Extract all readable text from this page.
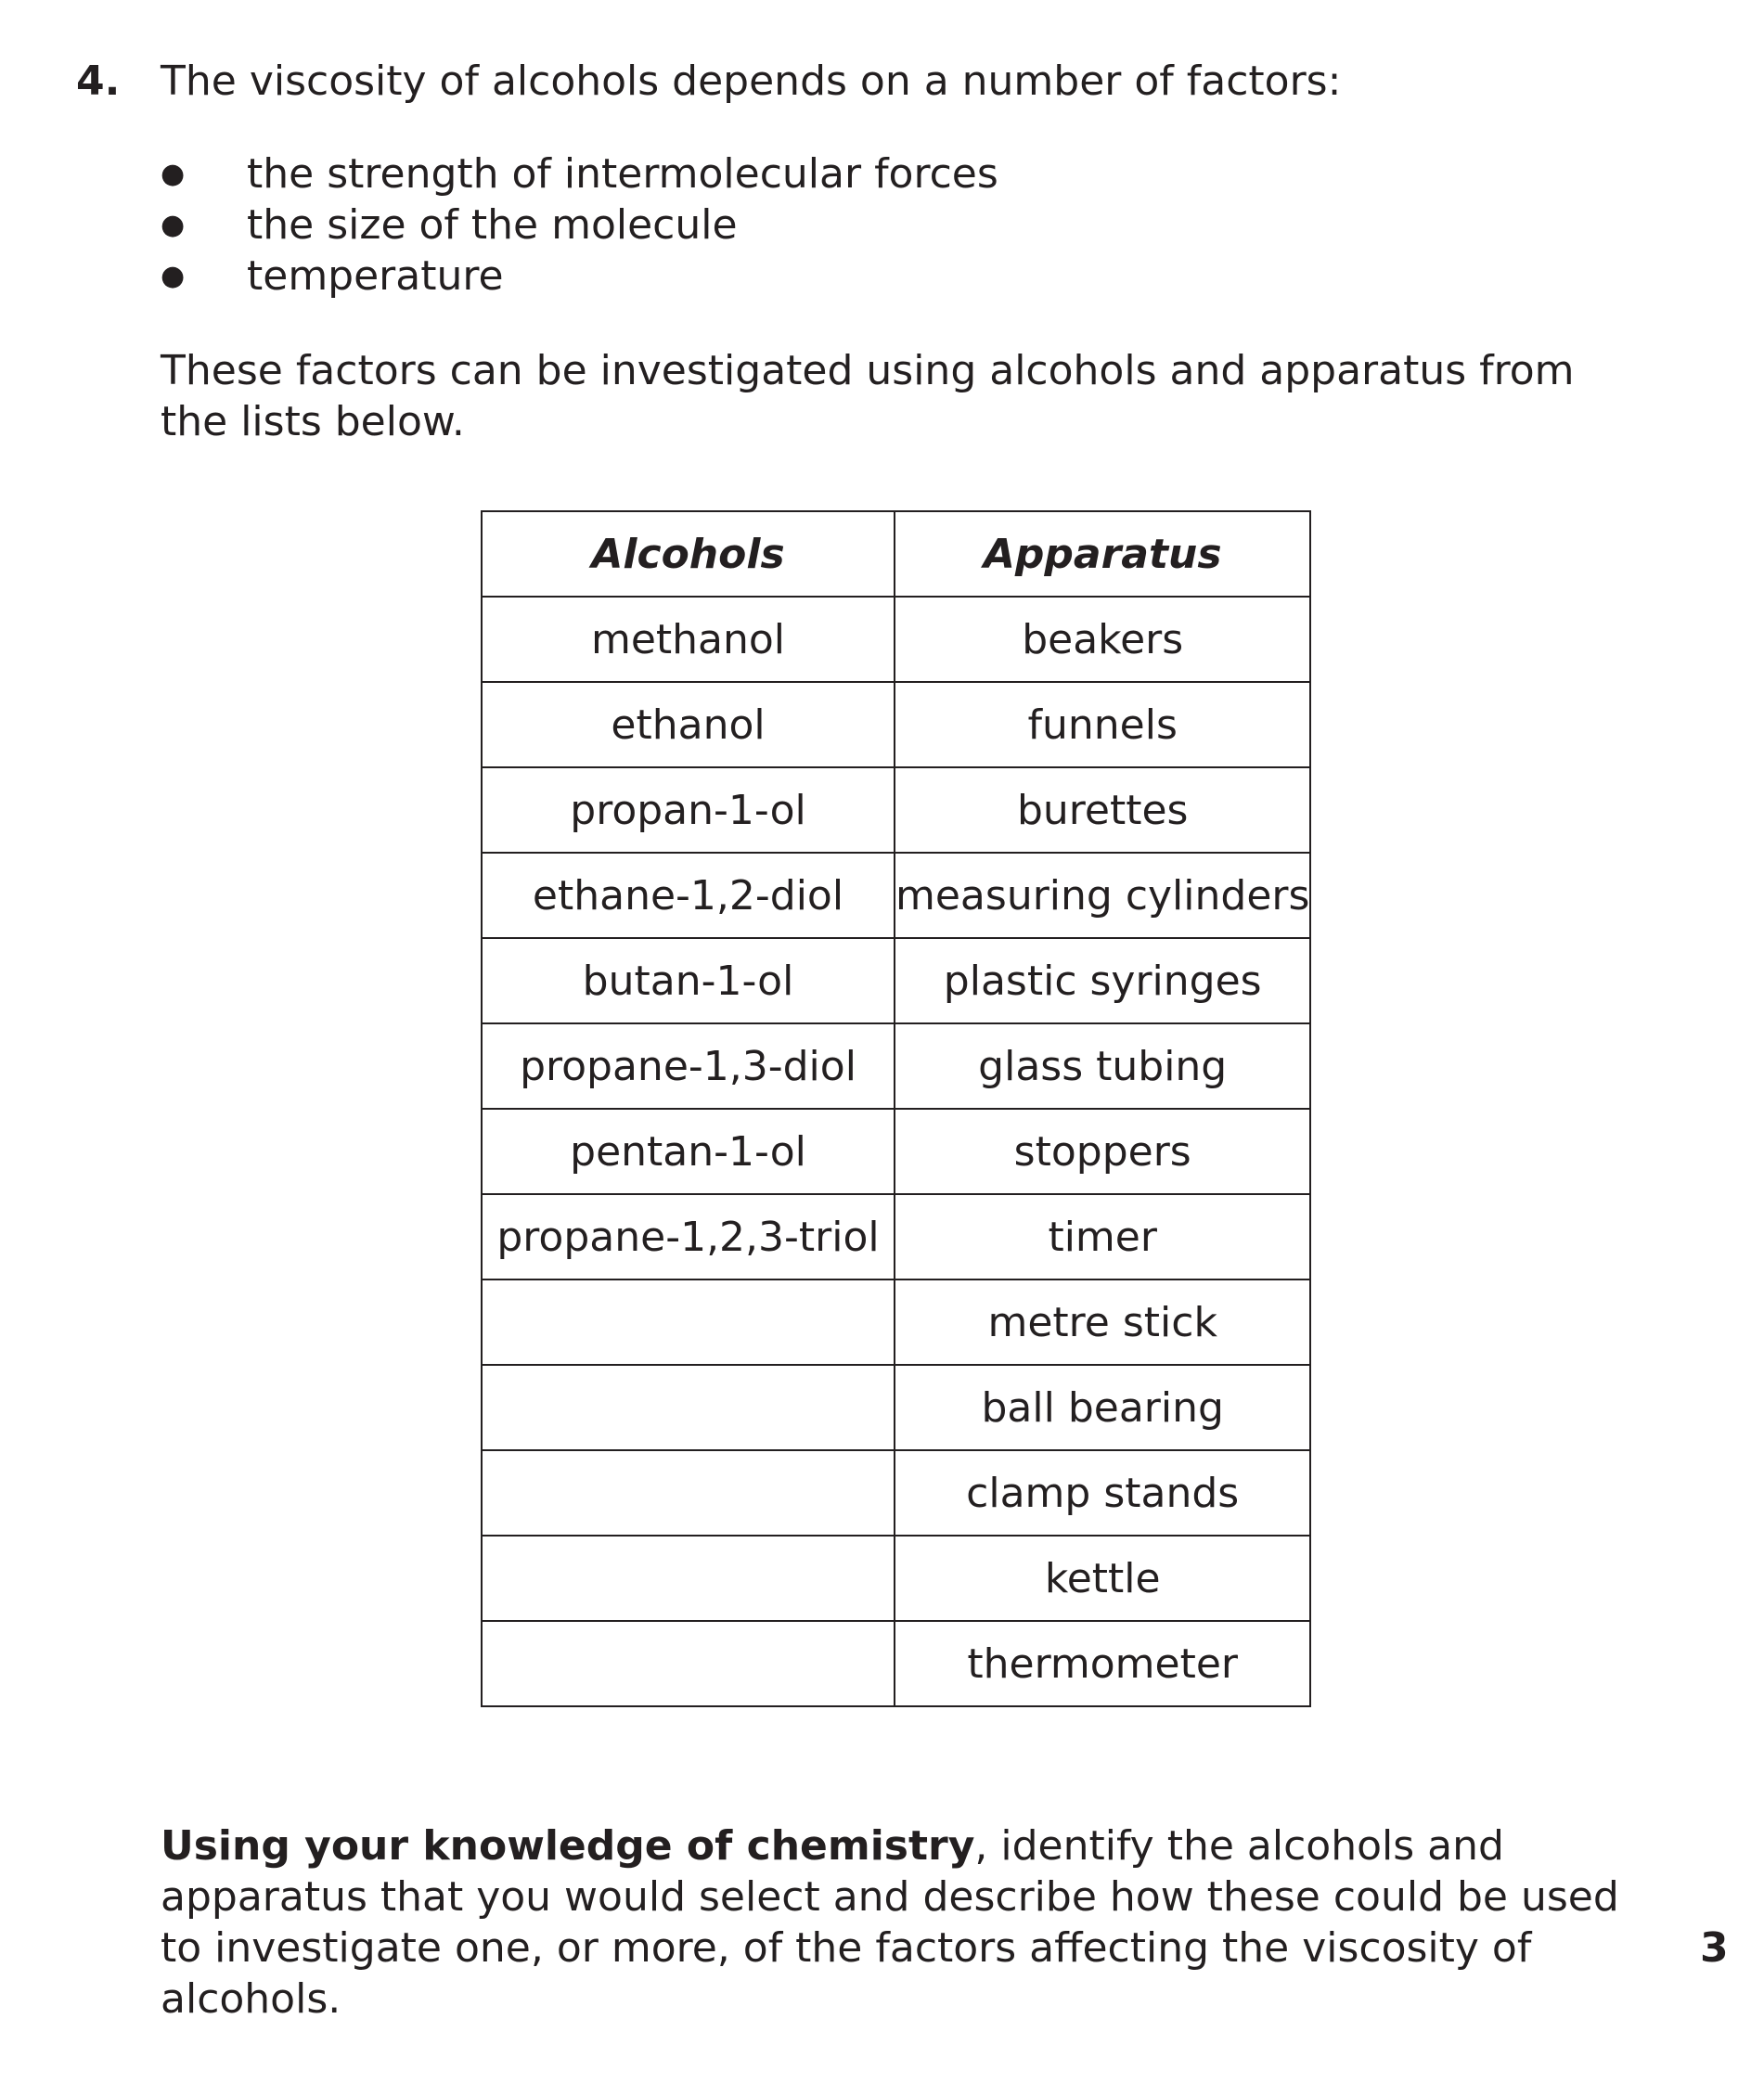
4. The viscosity of alcohols depends on a number of factors:

● the strength of intermolecular forces
● the size of the molecule
● temperature

These factors can be investigated using alcohols and apparatus from the lists below.

Alcohols	Apparatus
methanol	beakers
ethanol	funnels
propan-1-ol	burettes
ethane-1,2-diol	measuring cylinders
butan-1-ol	plastic syringes
propane-1,3-diol	glass tubing
pentan-1-ol	stoppers
propane-1,2,3-triol	timer
	metre stick
	ball bearing
	clamp stands
	kettle
	thermometer

Using your knowledge of chemistry, identify the alcohols and apparatus that you would select and describe how these could be used to investigate one, or more, of the factors affecting the viscosity of alcohols.

3
